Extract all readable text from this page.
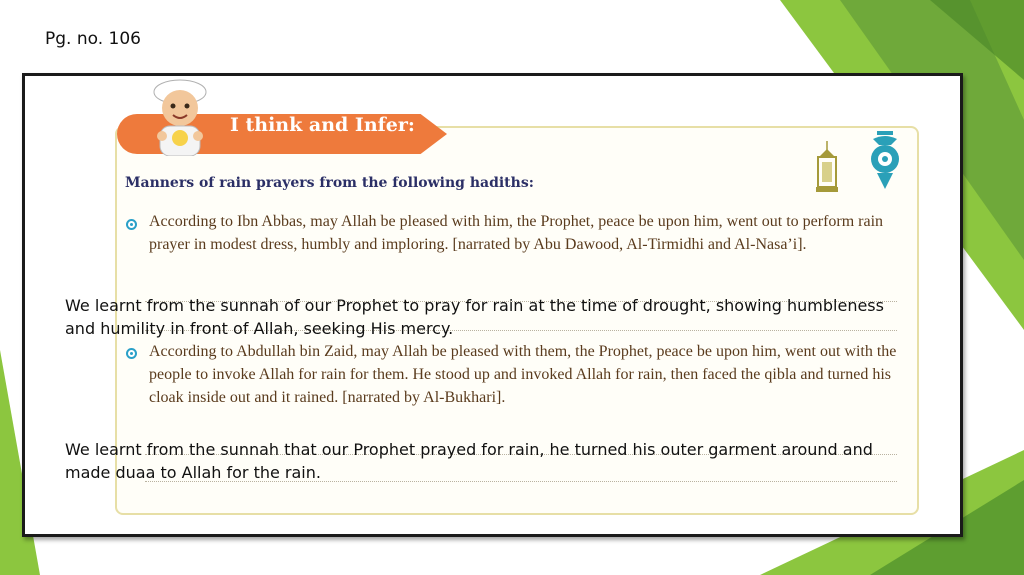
Pg. no. 106
I think and Infer:
Manners of rain prayers from the following hadiths:
According to Ibn Abbas, may Allah be pleased with him, the Prophet, peace be upon him, went out to perform rain prayer in modest dress, humbly and imploring. [narrated by Abu Dawood, Al-Tirmidhi and Al-Nasa’i].
We learnt from the sunnah of our Prophet to pray for rain at the time of drought, showing humbleness and humility in front of Allah, seeking His mercy.
According to Abdullah bin Zaid, may Allah be pleased with them, the Prophet, peace be upon him, went out with the people to invoke Allah for rain for them. He stood up and invoked Allah for rain, then faced the qibla and turned his cloak inside out and it rained. [narrated by Al-Bukhari].
We learnt from the sunnah that our Prophet prayed for rain, he turned his outer garment around and made duaa to Allah for the rain.
